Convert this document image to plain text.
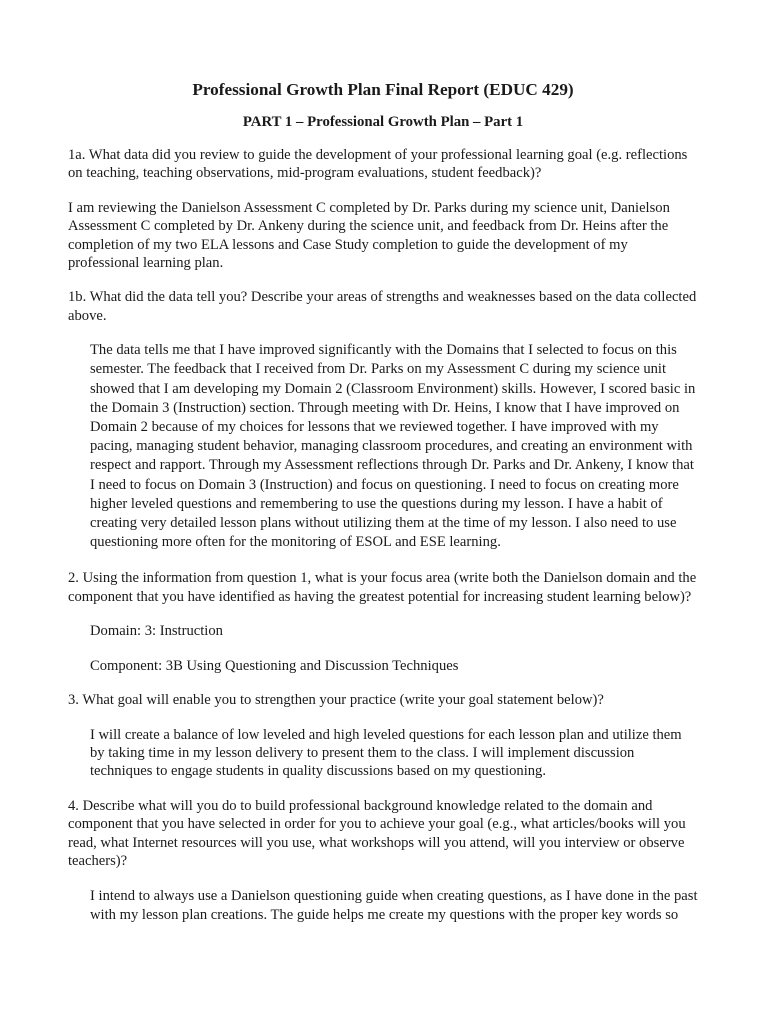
Professional Growth Plan Final Report (EDUC 429)
PART 1 – Professional Growth Plan – Part 1
1a. What data did you review to guide the development of your professional learning goal (e.g. reflections on teaching, teaching observations, mid-program evaluations, student feedback)?
I am reviewing the Danielson Assessment C completed by Dr. Parks during my science unit, Danielson Assessment C completed by Dr. Ankeny during the science unit, and feedback from Dr. Heins after the completion of my two ELA lessons and Case Study completion to guide the development of my professional learning plan.
1b. What did the data tell you? Describe your areas of strengths and weaknesses based on the data collected above.
The data tells me that I have improved significantly with the Domains that I selected to focus on this semester. The feedback that I received from Dr. Parks on my Assessment C during my science unit showed that I am developing my Domain 2 (Classroom Environment) skills. However, I scored basic in the Domain 3 (Instruction) section. Through meeting with Dr. Heins, I know that I have improved on Domain 2 because of my choices for lessons that we reviewed together. I have improved with my pacing, managing student behavior, managing classroom procedures, and creating an environment with respect and rapport. Through my Assessment reflections through Dr. Parks and Dr. Ankeny, I know that I need to focus on Domain 3 (Instruction) and focus on questioning. I need to focus on creating more higher leveled questions and remembering to use the questions during my lesson. I have a habit of creating very detailed lesson plans without utilizing them at the time of my lesson. I also need to use questioning more often for the monitoring of ESOL and ESE learning.
2. Using the information from question 1, what is your focus area (write both the Danielson domain and the component that you have identified as having the greatest potential for increasing student learning below)?
Domain: 3: Instruction
Component: 3B Using Questioning and Discussion Techniques
3. What goal will enable you to strengthen your practice (write your goal statement below)?
I will create a balance of low leveled and high leveled questions for each lesson plan and utilize them by taking time in my lesson delivery to present them to the class. I will implement discussion techniques to engage students in quality discussions based on my questioning.
4. Describe what will you do to build professional background knowledge related to the domain and component that you have selected in order for you to achieve your goal (e.g., what articles/books will you read, what Internet resources will you use, what workshops will you attend, will you interview or observe teachers)?
I intend to always use a Danielson questioning guide when creating questions, as I have done in the past with my lesson plan creations. The guide helps me create my questions with the proper key words so
